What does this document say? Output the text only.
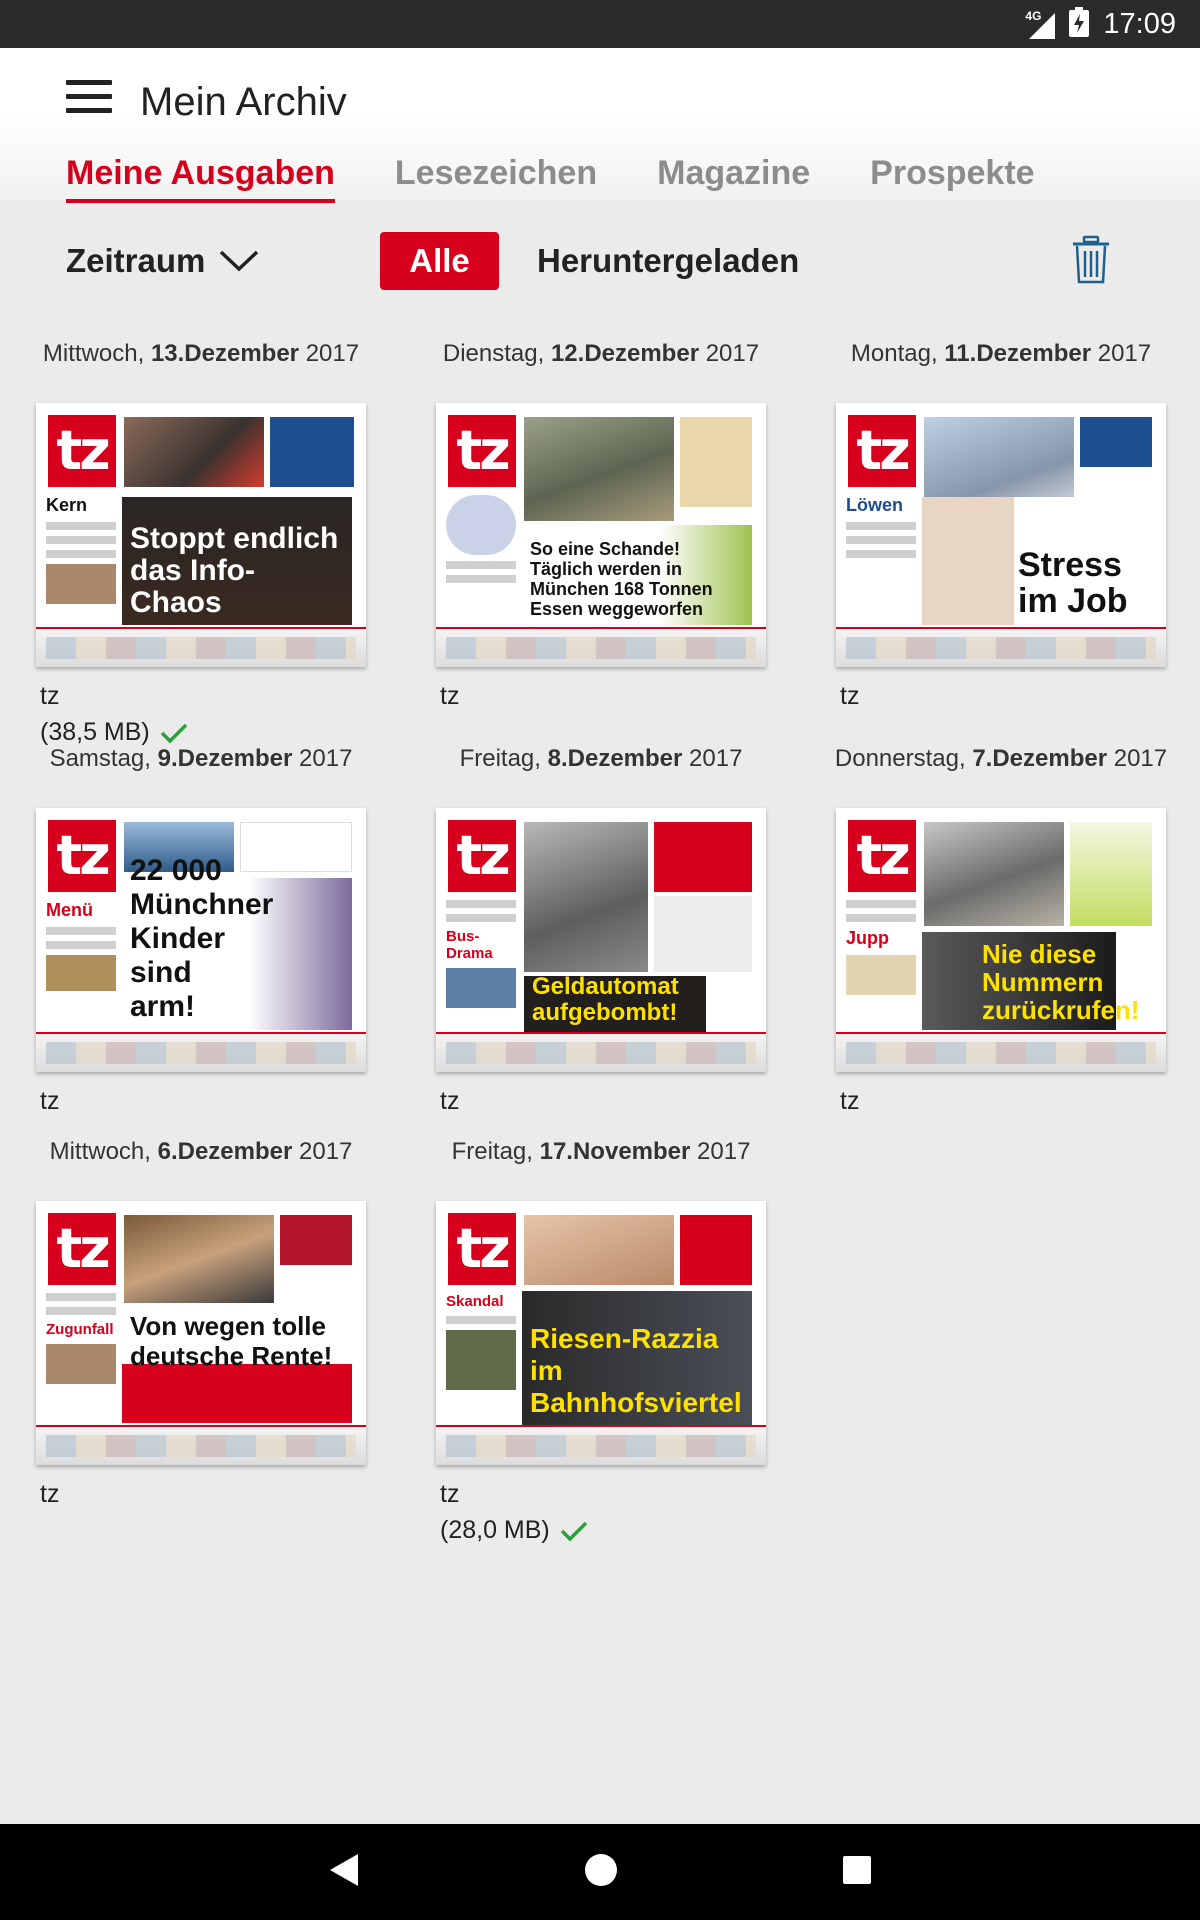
4G 17:09
Mein Archiv
Meine Ausgaben Lesezeichen Magazine Prospekte
Zeitraum	Alle	Heruntergeladen
Mittwoch, 13.Dezember 2017
tz
Kern
Stoppt endlich das Info-Chaos
tz
(38,5 MB)
Dienstag, 12.Dezember 2017
tz
So eine Schande! Täglich werden in München 168 Tonnen Essen weggeworfen
tz
Montag, 11.Dezember 2017
tz
Löwen
Stress im Job
tz
Samstag, 9.Dezember 2017
tz
Menü
22 000 Münchner Kinder sind arm!
tz
Freitag, 8.Dezember 2017
tz
Bus-Drama
Geldautomat aufgebombt!
tz
Donnerstag, 7.Dezember 2017
tz
Jupp
Nie diese Nummern zurückrufen!
tz
Mittwoch, 6.Dezember 2017
tz
Zugunfall Von wegen tolle deutsche Rente!
tz
Freitag, 17.November 2017
tz
Skandal
Riesen-Razzia im Bahnhofsviertel
tz
(28,0 MB)
